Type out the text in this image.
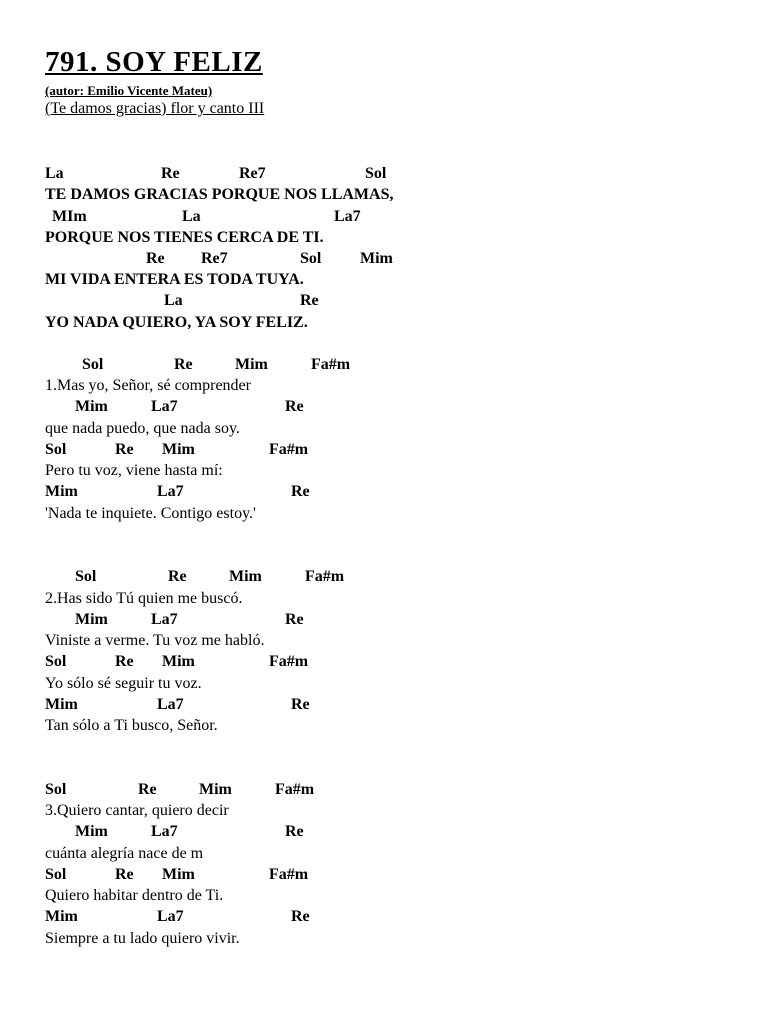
791. SOY FELIZ
(autor: Emilio Vicente Mateu)
(Te damos gracias) flor y canto III
La	Re	Re7	Sol
TE DAMOS GRACIAS PORQUE NOS LLAMAS,
MIm	La	La7
PORQUE NOS TIENES CERCA DE TI.
Re Re7	Sol Mim
MI VIDA ENTERA ES TODA TUYA.
La	Re
YO NADA QUIERO, YA SOY FELIZ.
Sol	Re	Mim	Fa#m
1.Mas yo, Señor, sé comprender
Mim	La7	Re
que nada puedo, que nada soy.
Sol	Re Mim	Fa#m
Pero tu voz, viene hasta mí:
Mim	La7	Re
'Nada te inquiete. Contigo estoy.'
Sol	Re	Mim	Fa#m
2.Has sido Tú quien me buscó.
Mim	La7	Re
Viniste a verme. Tu voz me habló.
Sol	Re Mim	Fa#m
Yo sólo sé seguir tu voz.
Mim	La7	Re
Tan sólo a Ti busco, Señor.
Sol	Re	Mim	Fa#m
3.Quiero cantar, quiero decir
Mim	La7	Re
cuánta alegría nace de m
Sol	Re Mim	Fa#m
Quiero habitar dentro de Ti.
Mim	La7	Re
Siempre a tu lado quiero vivir.
